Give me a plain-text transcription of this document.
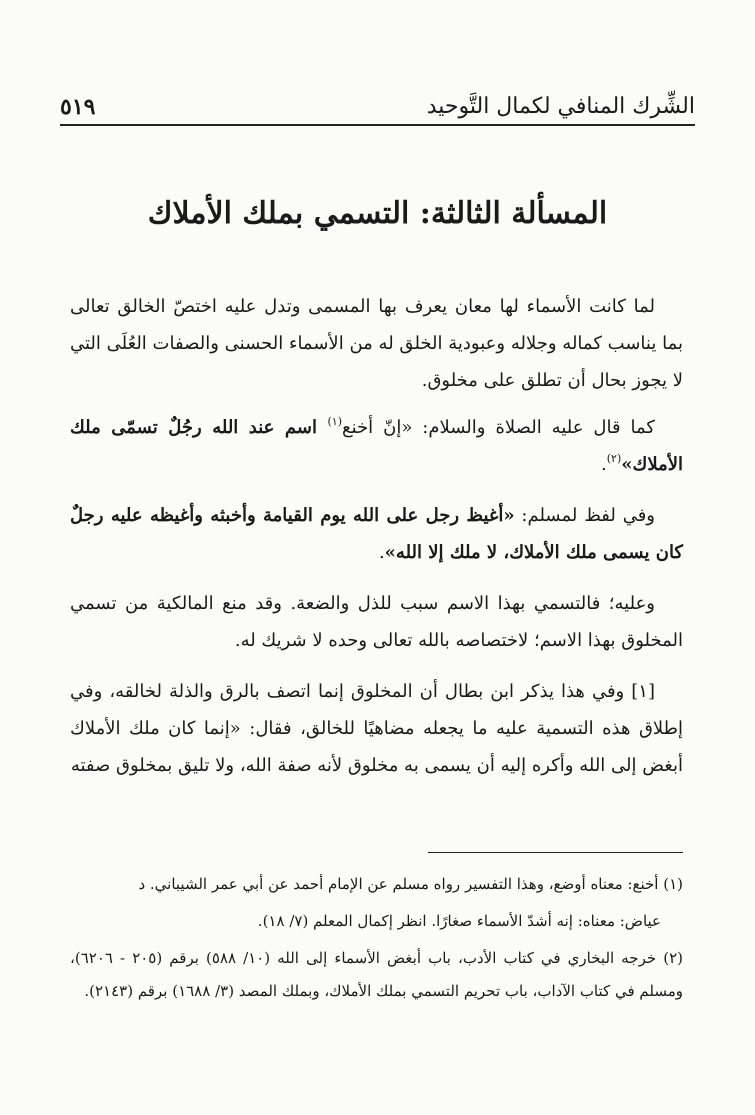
الشِّرك المنافي لكمال التَّوحيد
٥١٩
المسألة الثالثة: التسمي بملك الأملاك

لما كانت الأسماء لها معان يعرف بها المسمى وتدل عليه اختصّ الخالق تعالى بما يناسب كماله وجلاله وعبودية الخلق له من الأسماء الحسنى والصفات العُلَى التي لا يجوز بحال أن تطلق على مخلوق.

كما قال عليه الصلاة والسلام: «إنّ أخنع$^{(١)}$ اسم عند الله رجُلٌ تسمّى ملك الأملاك»$^{(٢)}$.

وفي لفظ لمسلم: «أغيظ رجل على الله يوم القيامة وأخبثه وأغيظه عليه رجلٌ كان يسمى ملك الأملاك، لا ملك إلا الله».

وعليه؛ فالتسمي بهذا الاسم سبب للذل والضعة. وقد منع المالكية من تسمي المخلوق بهذا الاسم؛ لاختصاصه بالله تعالى وحده لا شريك له.

[١] وفي هذا يذكر ابن بطال أن المخلوق إنما اتصف بالرق والذلة لخالقه، وفي إطلاق هذه التسمية عليه ما يجعله مضاهيًا للخالق، فقال: «إنما كان ملك الأملاك أبغض إلى الله وأكره إليه أن يسمى به مخلوق لأنه صفة الله، ولا تليق بمخلوق صفته

(١) أخنع: معناه أوضع، وهذا التفسير رواه مسلم عن الإمام أحمد عن أبي عمر الشيباني. د

عياض: معناه: إنه أشدّ الأسماء صغارًا. انظر إكمال المعلم (٧/ ١٨).

(٢) خرجه البخاري في كتاب الأدب، باب أبغض الأسماء إلى الله (١٠/ ٥٨٨) برقم (٢٠٥ - ٦٢٠٦)، ومسلم في كتاب الآداب، باب تحريم التسمي بملك الأملاك، وبملك المصد (٣/ ١٦٨٨) برقم (٢١٤٣).
